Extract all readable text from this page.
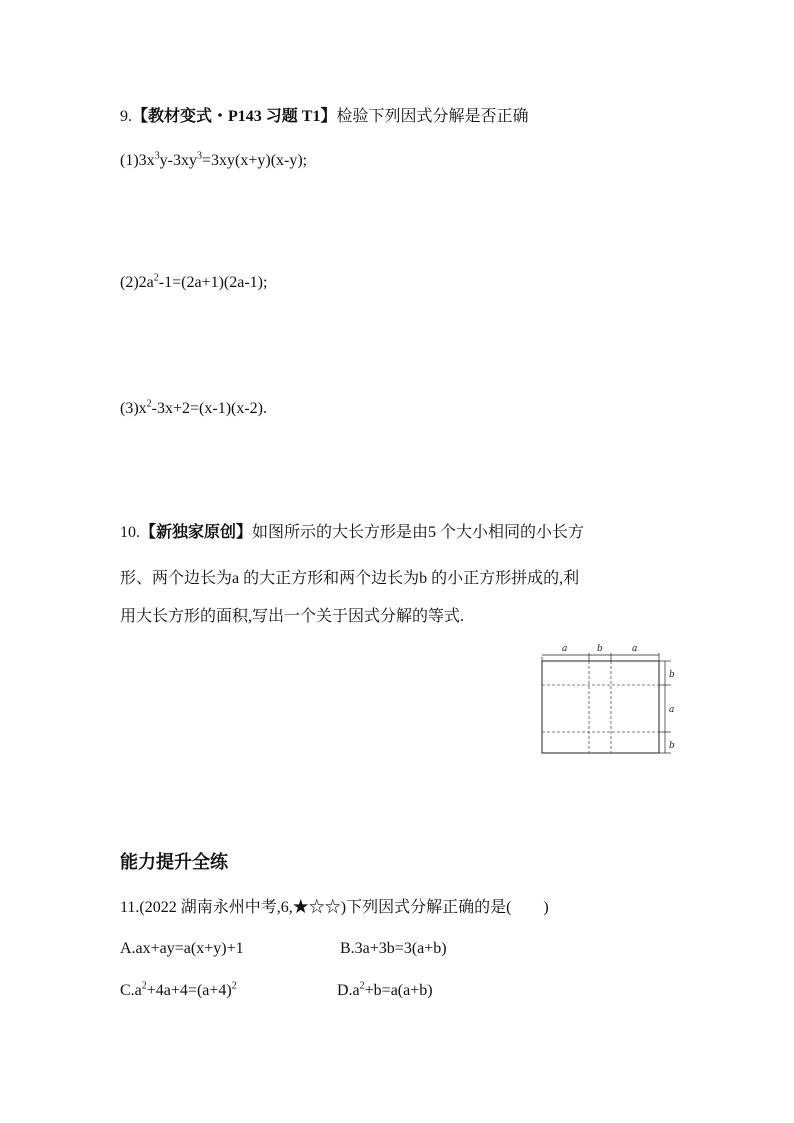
9.【教材变式・P143 习题 T1】检验下列因式分解是否正确
$(1)3x^3y-3xy^3=3xy(x+y)(x-y)$;
$(2)2a^2-1=(2a+1)(2a-1)$;
$(3)x^2-3x+2=(x-1)(x-2)$.
10.【新独家原创】如图所示的大长方形是由5 个大小相同的小长方
形、两个边长为a 的大正方形和两个边长为b 的小正方形拼成的,利
用大长方形的面积,写出一个关于因式分解的等式.
a	b	a
b
a
b
能力提升全练
11.(2022 湖南永州中考,6,★☆☆)下列因式分解正确的是(　　)
A.ax+ay=a(x+y)+1	B.3a+3b=3(a+b)
$C.a^2+4a+4=(a+4)^2$	$D.a^2+b=a(a+b)$
